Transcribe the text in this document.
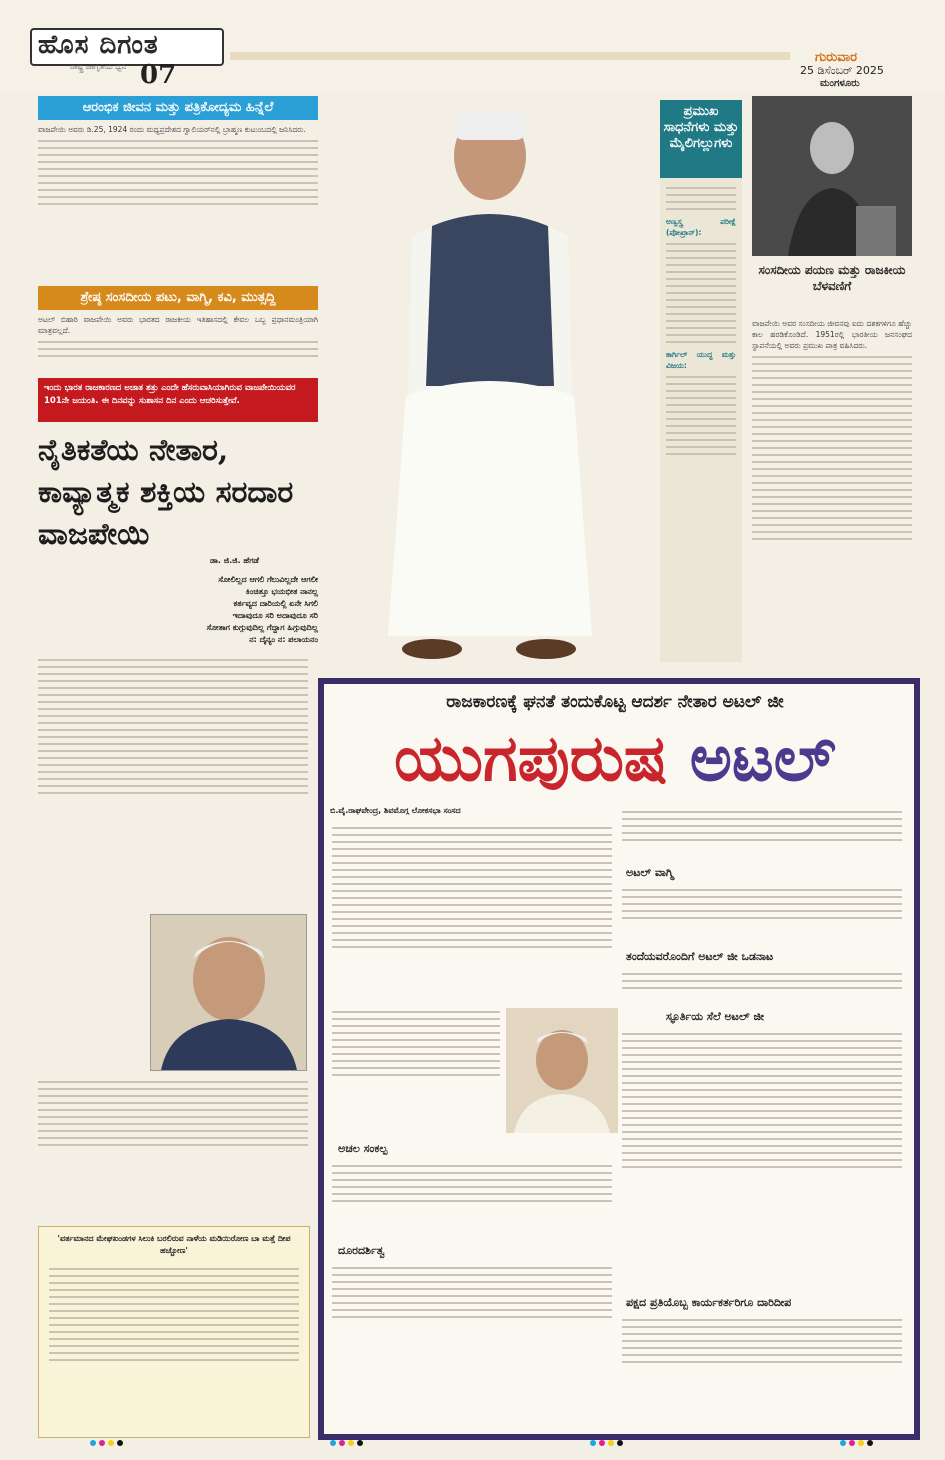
ಹೊಸ ದಿಗಂತ
ರಾಷ್ಟ್ರ ಜಾಗೃತಿಯ ಧ್ವನಿ 07
ಗುರುವಾರ
25 ಡಿಸೆಂಬರ್ 2025
ಮಂಗಳೂರು
ಆರಂಭಿಕ ಜೀವನ ಮತ್ತು ಪತ್ರಿಕೋದ್ಯಮ ಹಿನ್ನೆಲೆ
ವಾಜಪೇಯಿ ಅವರು ಡಿ.25, 1924 ರಂದು ಮಧ್ಯಪ್ರದೇಶದ ಗ್ವಾಲಿಯರ್‌ನಲ್ಲಿ ಬ್ರಾಹ್ಮಣ ಕುಟುಂಬದಲ್ಲಿ ಜನಿಸಿದರು.
ಶ್ರೇಷ್ಠ ಸಂಸದೀಯ ಪಟು, ವಾಗ್ಮಿ, ಕವಿ, ಮುತ್ಸದ್ದಿ
ಅಟಲ್ ಬಿಹಾರಿ ವಾಜಪೇಯಿ ಅವರು ಭಾರತದ ರಾಜಕೀಯ ಇತಿಹಾಸದಲ್ಲಿ ಕೇವಲ ಒಬ್ಬ ಪ್ರಧಾನಮಂತ್ರಿಯಾಗಿ ಮಾತ್ರವಲ್ಲದೆ.
ಇಂದು ಭಾರತ ರಾಜಕಾರಣದ ಅಜಾತ ಶತ್ರು ಎಂದೇ ಹೆಸರುವಾಸಿಯಾಗಿರುವ ವಾಜಪೇಯಿಯವರ 101ನೇ ಜಯಂತಿ. ಈ ದಿನವನ್ನು ಸುಶಾಸನ ದಿನ ಎಂದು ಆಚರಿಸುತ್ತೇವೆ.
ನೈತಿಕತೆಯ ನೇತಾರ, ಕಾವ್ಯಾತ್ಮಕ ಶಕ್ತಿಯ ಸರದಾರ ವಾಜಪೇಯಿ
ಡಾ. ಜಿ.ಜಿ. ಹೆಗಡೆ
ಸೋಲಿಲ್ಲದ ಆಗಲಿ ಗೆಲುವಿಲ್ಲದೇ ಆಗಲೀ
ಕಿಂಚಿತ್ತೂ ಭಯಭೀತ ನಾನಲ್ಲ
ಕರ್ತವ್ಯದ ದಾರಿಯಲ್ಲಿ ಏನೇ ಸಿಗಲಿ
ಇದಾವುದೂ ಸರಿ ಅದಾವುದೂ ಸರಿ
ಸೋತಾಗ ಕುಗ್ಗುವುದಿಲ್ಲ ಗೆದ್ದಾಗ ಹಿಗ್ಗುವುದಿಲ್ಲ
ನ: ದೈನ್ಯಂ ನ: ಪಲಾಯನಂ
'ವರ್ತಮಾನದ ಮೇಘಖಂಡಗಳ ಸಿಲುಕಿ ಬರಲಿರುವ ನಾಳೆಯ ಮಡಿಯಿರೋಣ ಬಾ ಮತ್ತೆ ದೀಪ ಹಚ್ಚೋಣ'
ಪ್ರಮುಖ ಸಾಧನೆಗಳು ಮತ್ತು ಮೈಲಿಗಲ್ಲುಗಳು
ಅಣ್ವಸ್ತ್ರ ಪರೀಕ್ಷೆ (ಪೋಖ್ರಾನ್‌):
ಕಾರ್ಗಿಲ್ ಯುದ್ಧ ಮತ್ತು ವಿಜಯ:
ಸಂಸದೀಯ ಪಯಣ ಮತ್ತು ರಾಜಕೀಯ ಬೆಳವಣಿಗೆ
ವಾಜಪೇಯಿ ಅವರ ಸಂಸದೀಯ ಜೀವನವು ಐದು ದಶಕಗಳಿಗೂ ಹೆಚ್ಚು ಕಾಲ ಹರಡಿಕೊಂಡಿದೆ. 1951ರಲ್ಲಿ ಭಾರತೀಯ ಜನಸಂಘದ ಸ್ಥಾಪನೆಯಲ್ಲಿ ಅವರು ಪ್ರಮುಖ ಪಾತ್ರ ವಹಿಸಿದರು.
ರಾಜಕಾರಣಕ್ಕೆ ಘನತೆ ತಂದುಕೊಟ್ಟ ಆದರ್ಶ ನೇತಾರ ಅಟಲ್ ಜೀ
ಯುಗಪುರುಷ ಅಟಲ್
ಬಿ.ವೈ.ರಾಘವೇಂದ್ರ, ಶಿವಮೊಗ್ಗ ಲೋಕಸಭಾ ಸಂಸದ
ಅಚಲ ಸಂಕಲ್ಪ
ದೂರದರ್ಶಿತ್ವ
ಅಟಲ್ ವಾಗ್ಮಿ
ತಂದೆಯವರೊಂದಿಗೆ ಅಟಲ್ ಜೀ ಒಡನಾಟ
ಸ್ಫೂರ್ತಿಯ ಸೆಲೆ ಅಟಲ್ ಜೀ
ಪಕ್ಷದ ಪ್ರತಿಯೊಬ್ಬ ಕಾರ್ಯಕರ್ತರಿಗೂ ದಾರಿದೀಪ
